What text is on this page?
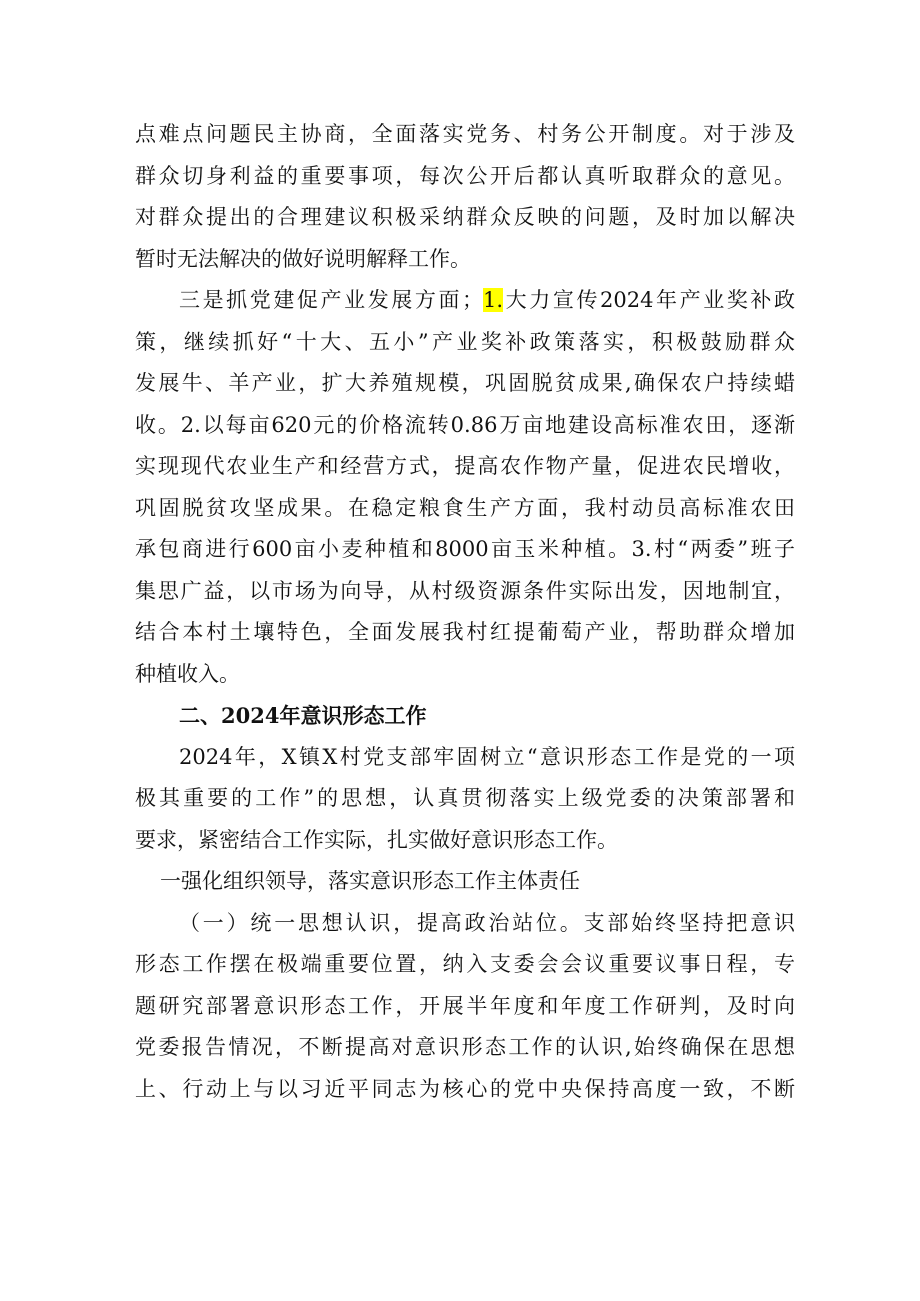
点难点问题民主协商，全面落实党务、村务公开制度。对于涉及
群众切身利益的重要事项，每次公开后都认真听取群众的意见。
对群众提出的合理建议积极采纳群众反映的问题，及时加以解决
暂时无法解决的做好说明解释工作。
三是抓党建促产业发展方面；1.大力宣传2024年产业奖补政
策，继续抓好“十大、五小”产业奖补政策落实，积极鼓励群众
发展牛、羊产业，扩大养殖规模，巩固脱贫成果,确保农户持续蜡
收。2.以每亩620元的价格流转0.86万亩地建设高标准农田，逐渐
实现现代农业生产和经营方式，提高农作物产量，促进农民增收，
巩固脱贫攻坚成果。在稳定粮食生产方面，我村动员高标准农田
承包商进行600亩小麦种植和8000亩玉米种植。3.村“两委”班子
集思广益，以市场为向导，从村级资源条件实际出发，因地制宜，
结合本村土壤特色，全面发展我村红提葡萄产业，帮助群众增加
种植收入。
二、2024年意识形态工作
2024年，X镇X村党支部牢固树立“意识形态工作是党的一项
极其重要的工作”的思想，认真贯彻落实上级党委的决策部署和
要求，紧密结合工作实际，扎实做好意识形态工作。
一强化组织领导，落实意识形态工作主体责任
（一）统一思想认识，提高政治站位。支部始终坚持把意识
形态工作摆在极端重要位置，纳入支委会会议重要议事日程，专
题研究部署意识形态工作，开展半年度和年度工作研判，及时向
党委报告情况，不断提高对意识形态工作的认识,始终确保在思想
上、行动上与以习近平同志为核心的党中央保持高度一致，不断
